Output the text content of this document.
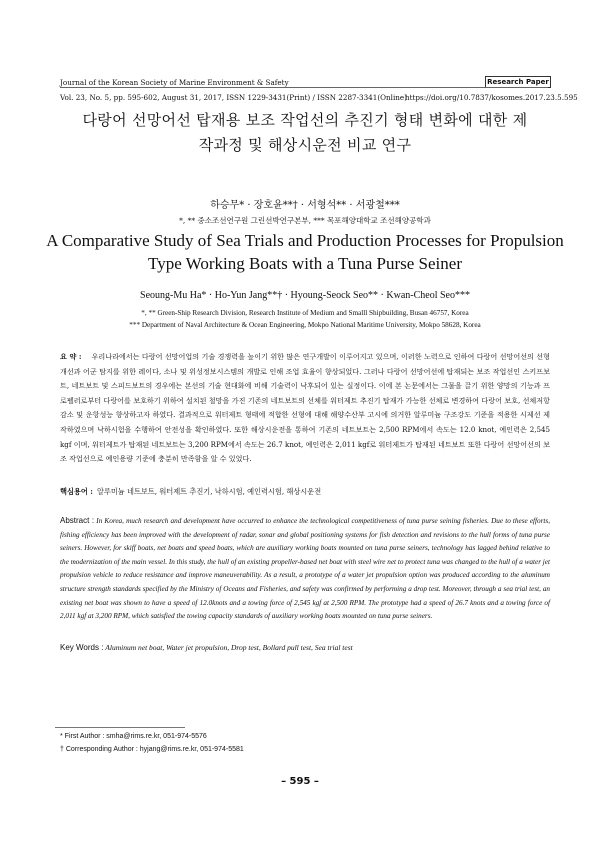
Journal of the Korean Society of Marine Environment & Safety	Research Paper
Vol. 23, No. 5, pp. 595-602, August 31, 2017, ISSN 1229-3431(Print) / ISSN 2287-3341(Online)
https://doi.org/10.7837/kosomes.2017.23.5.595
다랑어 선망어선 탑재용 보조 작업선의 추진기 형태 변화에 대한 제
작과정 및 해상시운전 비교 연구
하승무* · 장호윤**† · 서형석** · 서광철***
*, ** 중소조선연구원 그린선박연구본부, *** 목포해양대학교 조선해양공학과
A Comparative Study of Sea Trials and Production Processes for Propulsion
Type Working Boats with a Tuna Purse Seiner
Seoung-Mu Ha* · Ho-Yun Jang**† · Hyoung-Seock Seo** · Kwan-Cheol Seo***
*, ** Green-Ship Research Division, Research Institute of Medium and Smalll Shipbuilding, Busan 46757, Korea
*** Department of Naval Architecture & Ocean Engineering, Mokpo National Maritime University, Mokpo 58628, Korea
요 약 : 우리나라에서는 다랑어 선망어업의 기술 경쟁력을 높이기 위한 많은 연구개발이 이루어지고 있으며, 이러한 노력으로 인하여 다랑어 선망어선의 선형개선과 어군 탐지를 위한 레이다, 소나 및 위성정보시스템의 개발로 인해 조업 효율이 향상되었다. 그러나 다랑어 선망어선에 탑재되는 보조 작업선인 스키프보트, 네트보트 및 스피드보트의 경우에는 본선의 기술 현대화에 비해 기술력이 낙후되어 있는 실정이다. 이에 본 논문에서는 그물을 끌기 위한 양망의 기능과 프로펠러로부터 다랑어를 보호하기 위하여 설치된 철망을 가진 기존의 네트보트의 선체를 워터제트 추진기 탑재가 가능한 선체로 변경하여 다랑어 보호, 선체저항 감소 및 운항성능 향상하고자 하였다. 결과적으로 워터제트 형태에 적합한 선형에 대해 해양수산부 고시에 의거한 알루미늄 구조강도 기준을 적용한 시제선 제작하였으며 낙하시험을 수행하여 안전성을 확인하였다. 또한 해상시운전을 통하여 기존의 네트보트는 2,500 RPM에서 속도는 12.0 knot, 예인력은 2,545 kgf 이며, 워터제트가 탑재된 네트보트는 3,200 RPM에서 속도는 26.7 knot, 예인력은 2,011 kgf로 워터제트가 탑재된 네트보트 또한 다랑어 선망어선의 보조 작업선으로 예인용량 기준에 충분히 만족함을 알 수 있었다.
핵심용어 : 알루미늄 네트보트, 워터제트 추진기, 낙하시험, 예인력시험, 해상시운전
Abstract : In Korea, much research and development have occurred to enhance the technological competitiveness of tuna purse seining fisheries. Due to these efforts, fishing efficiency has been improved with the development of radar, sonar and global positioning systems for fish detection and revisions to the hull forms of tuna purse seiners. However, for skiff boats, net boats and speed boats, which are auxiliary working boats mounted on tuna purse seiners, technology has lagged behind relative to the modernization of the main vessel. In this study, the hull of an existing propeller-based net boat with steel wire net to protect tuna was changed to the hull of a water jet propulsion vehicle to reduce resistance and improve maneuverability. As a result, a prototype of a water jet propulsion option was produced according to the aluminum structure strength standards specified by the Ministry of Oceans and Fisheries, and safety was confirmed by performing a drop test. Moreover, through a sea trial test, an existing net boat was shown to have a speed of 12.0knots and a towing force of 2,545 kgf at 2,500 RPM. The prototype had a speed of 26.7 knots and a towing force of 2,011 kgf at 3,200 RPM, which satisfied the towing capacity standards of auxiliary working boats mounted on tuna purse seiners.
Key Words : Aluminum net boat, Water jet propulsion, Drop test, Bollard pull test, Sea trial test
* First Author : smha@rims.re.kr, 051-974-5576
† Corresponding Author : hyjang@rims.re.kr, 051-974-5581
– 595 –
